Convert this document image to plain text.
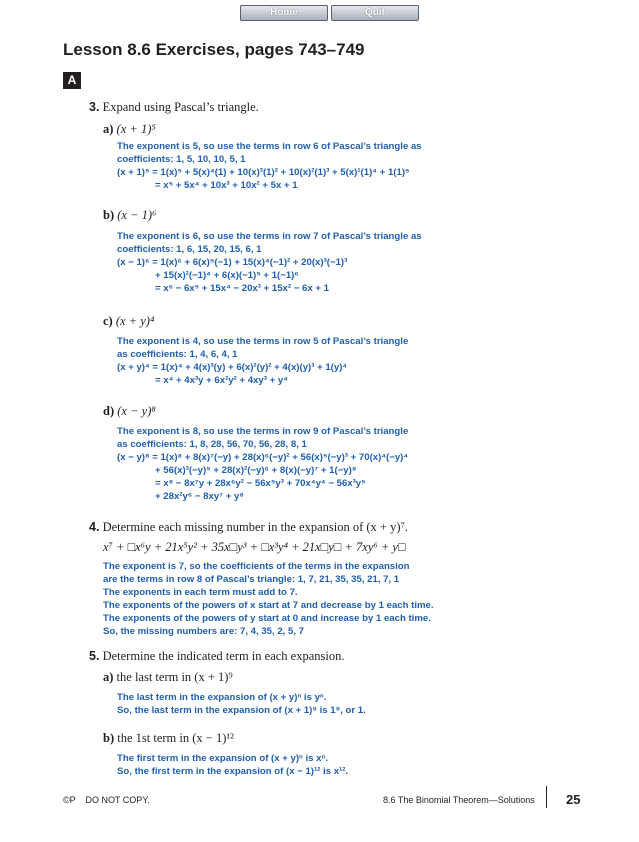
Home	Quit
Lesson 8.6 Exercises, pages 743–749
A
3. Expand using Pascal’s triangle.
a) (x + 1)⁵
The exponent is 5, so use the terms in row 6 of Pascal’s triangle as
coefficients: 1, 5, 10, 10, 5, 1
(x + 1)⁵ = 1(x)⁵ + 5(x)⁴(1) + 10(x)³(1)² + 10(x)²(1)³ + 5(x)¹(1)⁴ + 1(1)⁵
= x⁵ + 5x⁴ + 10x³ + 10x² + 5x + 1
b) (x − 1)⁶
The exponent is 6, so use the terms in row 7 of Pascal’s triangle as
coefficients: 1, 6, 15, 20, 15, 6, 1
(x − 1)⁶ = 1(x)⁶ + 6(x)⁵(−1) + 15(x)⁴(−1)² + 20(x)³(−1)³
+ 15(x)²(−1)⁴ + 6(x)(−1)⁵ + 1(−1)⁶
= x⁶ − 6x⁵ + 15x⁴ − 20x³ + 15x² − 6x + 1
c) (x + y)⁴
The exponent is 4, so use the terms in row 5 of Pascal’s triangle
as coefficients: 1, 4, 6, 4, 1
(x + y)⁴ = 1(x)⁴ + 4(x)³(y) + 6(x)²(y)² + 4(x)(y)³ + 1(y)⁴
= x⁴ + 4x³y + 6x²y² + 4xy³ + y⁴
d) (x − y)⁸
The exponent is 8, so use the terms in row 9 of Pascal’s triangle
as coefficients: 1, 8, 28, 56, 70, 56, 28, 8, 1
(x − y)⁸ = 1(x)⁸ + 8(x)⁷(−y) + 28(x)⁶(−y)² + 56(x)⁵(−y)³ + 70(x)⁴(−y)⁴
+ 56(x)³(−y)⁵ + 28(x)²(−y)⁶ + 8(x)(−y)⁷ + 1(−y)⁸
= x⁸ − 8x⁷y + 28x⁶y² − 56x⁵y³ + 70x⁴y⁴ − 56x³y⁵
+ 28x²y⁶ − 8xy⁷ + y⁸
4. Determine each missing number in the expansion of (x + y)⁷.
x⁷ + □x⁶y + 21x⁵y² + 35x□y³ + □x³y⁴ + 21x□y□ + 7xy⁶ + y□
The exponent is 7, so the coefficients of the terms in the expansion
are the terms in row 8 of Pascal’s triangle: 1, 7, 21, 35, 35, 21, 7, 1
The exponents in each term must add to 7.
The exponents of the powers of x start at 7 and decrease by 1 each time.
The exponents of the powers of y start at 0 and increase by 1 each time.
So, the missing numbers are: 7, 4, 35, 2, 5, 7
5. Determine the indicated term in each expansion.
a) the last term in (x + 1)⁹
The last term in the expansion of (x + y)ⁿ is yⁿ.
So, the last term in the expansion of (x + 1)⁹ is 1⁹, or 1.
b) the 1st term in (x − 1)¹²
The first term in the expansion of (x + y)ⁿ is xⁿ.
So, the first term in the expansion of (x − 1)¹² is x¹².
©P    DO NOT COPY.	8.6 The Binomial Theorem—Solutions 25
